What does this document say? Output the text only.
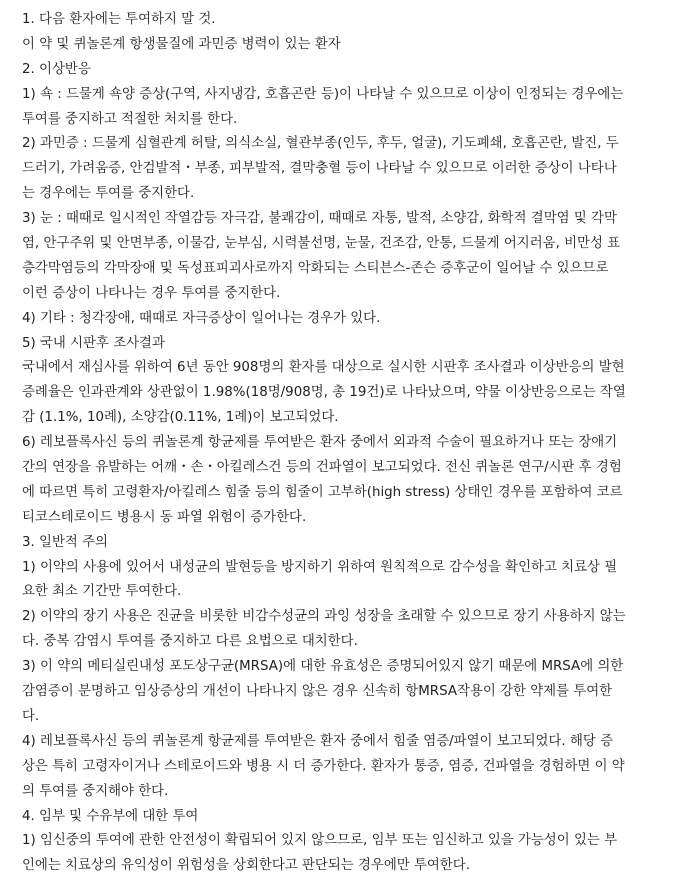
1. 다음 환자에는 투여하지 말 것.
이 약 및 퀴놀론계 항생물질에 과민증 병력이 있는 환자
2. 이상반응
1) 쇽 : 드물게 쇽양 증상(구역, 사지냉감, 호흡곤란 등)이 나타날 수 있으므로 이상이 인정되는 경우에는
투여를 중지하고 적절한 처치를 한다.
2) 과민증 : 드물게 심혈관계 허탈, 의식소실, 혈관부종(인두, 후두, 얼굴), 기도폐쇄, 호흡곤란, 발진, 두
드러기, 가려움증, 안검발적・부종, 피부발적, 결막충혈 등이 나타날 수 있으므로 이러한 증상이 나타나
는 경우에는 투여를 중지한다.
3) 눈 : 때때로 일시적인 작열감등 자극감, 불쾌감이, 때때로 자통, 발적, 소양감, 화학적 결막염 및 각막
염, 안구주위 및 안면부종, 이물감, 눈부심, 시력불선명, 눈물, 건조감, 안통, 드물게 어지러움, 비만성 표
층각막염등의 각막장애 및 독성표피괴사로까지 악화되는 스티븐스-존슨 증후군이 일어날 수 있으므로
이런 증상이 나타나는 경우 투여를 중지한다.
4) 기타 : 청각장애, 때때로 자극증상이 일어나는 경우가 있다.
5) 국내 시판후 조사결과
국내에서 재심사를 위하여 6년 동안 908명의 환자를 대상으로 실시한 시판후 조사결과 이상반응의 발현
증례율은 인과관계와 상관없이 1.98%(18명/908명, 총 19건)로 나타났으며, 약물 이상반응으로는 작열
감 (1.1%, 10례), 소양감(0.11%, 1례)이 보고되었다.
6) 레보플록사신 등의 퀴놀론계 항균제를 투여받은 환자 중에서 외과적 수술이 필요하거나 또는 장애기
간의 연장을 유발하는 어깨・손・아킬레스건 등의 건파열이 보고되었다. 전신 퀴놀론 연구/시판 후 경험
에 따르면 특히 고령환자/아킬레스 힘줄 등의 힘줄이 고부하(high stress) 상태인 경우를 포함하여 코르
티코스테로이드 병용시 동 파열 위험이 증가한다.
3. 일반적 주의
1) 이약의 사용에 있어서 내성균의 발현등을 방지하기 위하여 원칙적으로 감수성을 확인하고 치료상 필
요한 최소 기간만 투여한다.
2) 이약의 장기 사용은 진균을 비롯한 비감수성균의 과잉 성장을 초래할 수 있으므로 장기 사용하지 않는
다. 중복 감염시 투여를 중지하고 다른 요법으로 대치한다.
3) 이 약의 메티실린내성 포도상구균(MRSA)에 대한 유효성은 증명되어있지 않기 때문에 MRSA에 의한
감염증이 분명하고 임상증상의 개선이 나타나지 않은 경우 신속히 항MRSA작용이 강한 약제를 투여한
다.
4) 레보플록사신 등의 퀴놀론계 항균제를 투여받은 환자 중에서 힘줄 염증/파열이 보고되었다. 해당 증
상은 특히 고령자이거나 스테로이드와 병용 시 더 증가한다. 환자가 통증, 염증, 건파열을 경험하면 이 약
의 투여를 중지해야 한다.
4. 임부 및 수유부에 대한 투여
1) 임신중의 투여에 관한 안전성이 확립되어 있지 않으므로, 임부 또는 임신하고 있을 가능성이 있는 부
인에는 치료상의 유익성이 위험성을 상회한다고 판단되는 경우에만 투여한다.
